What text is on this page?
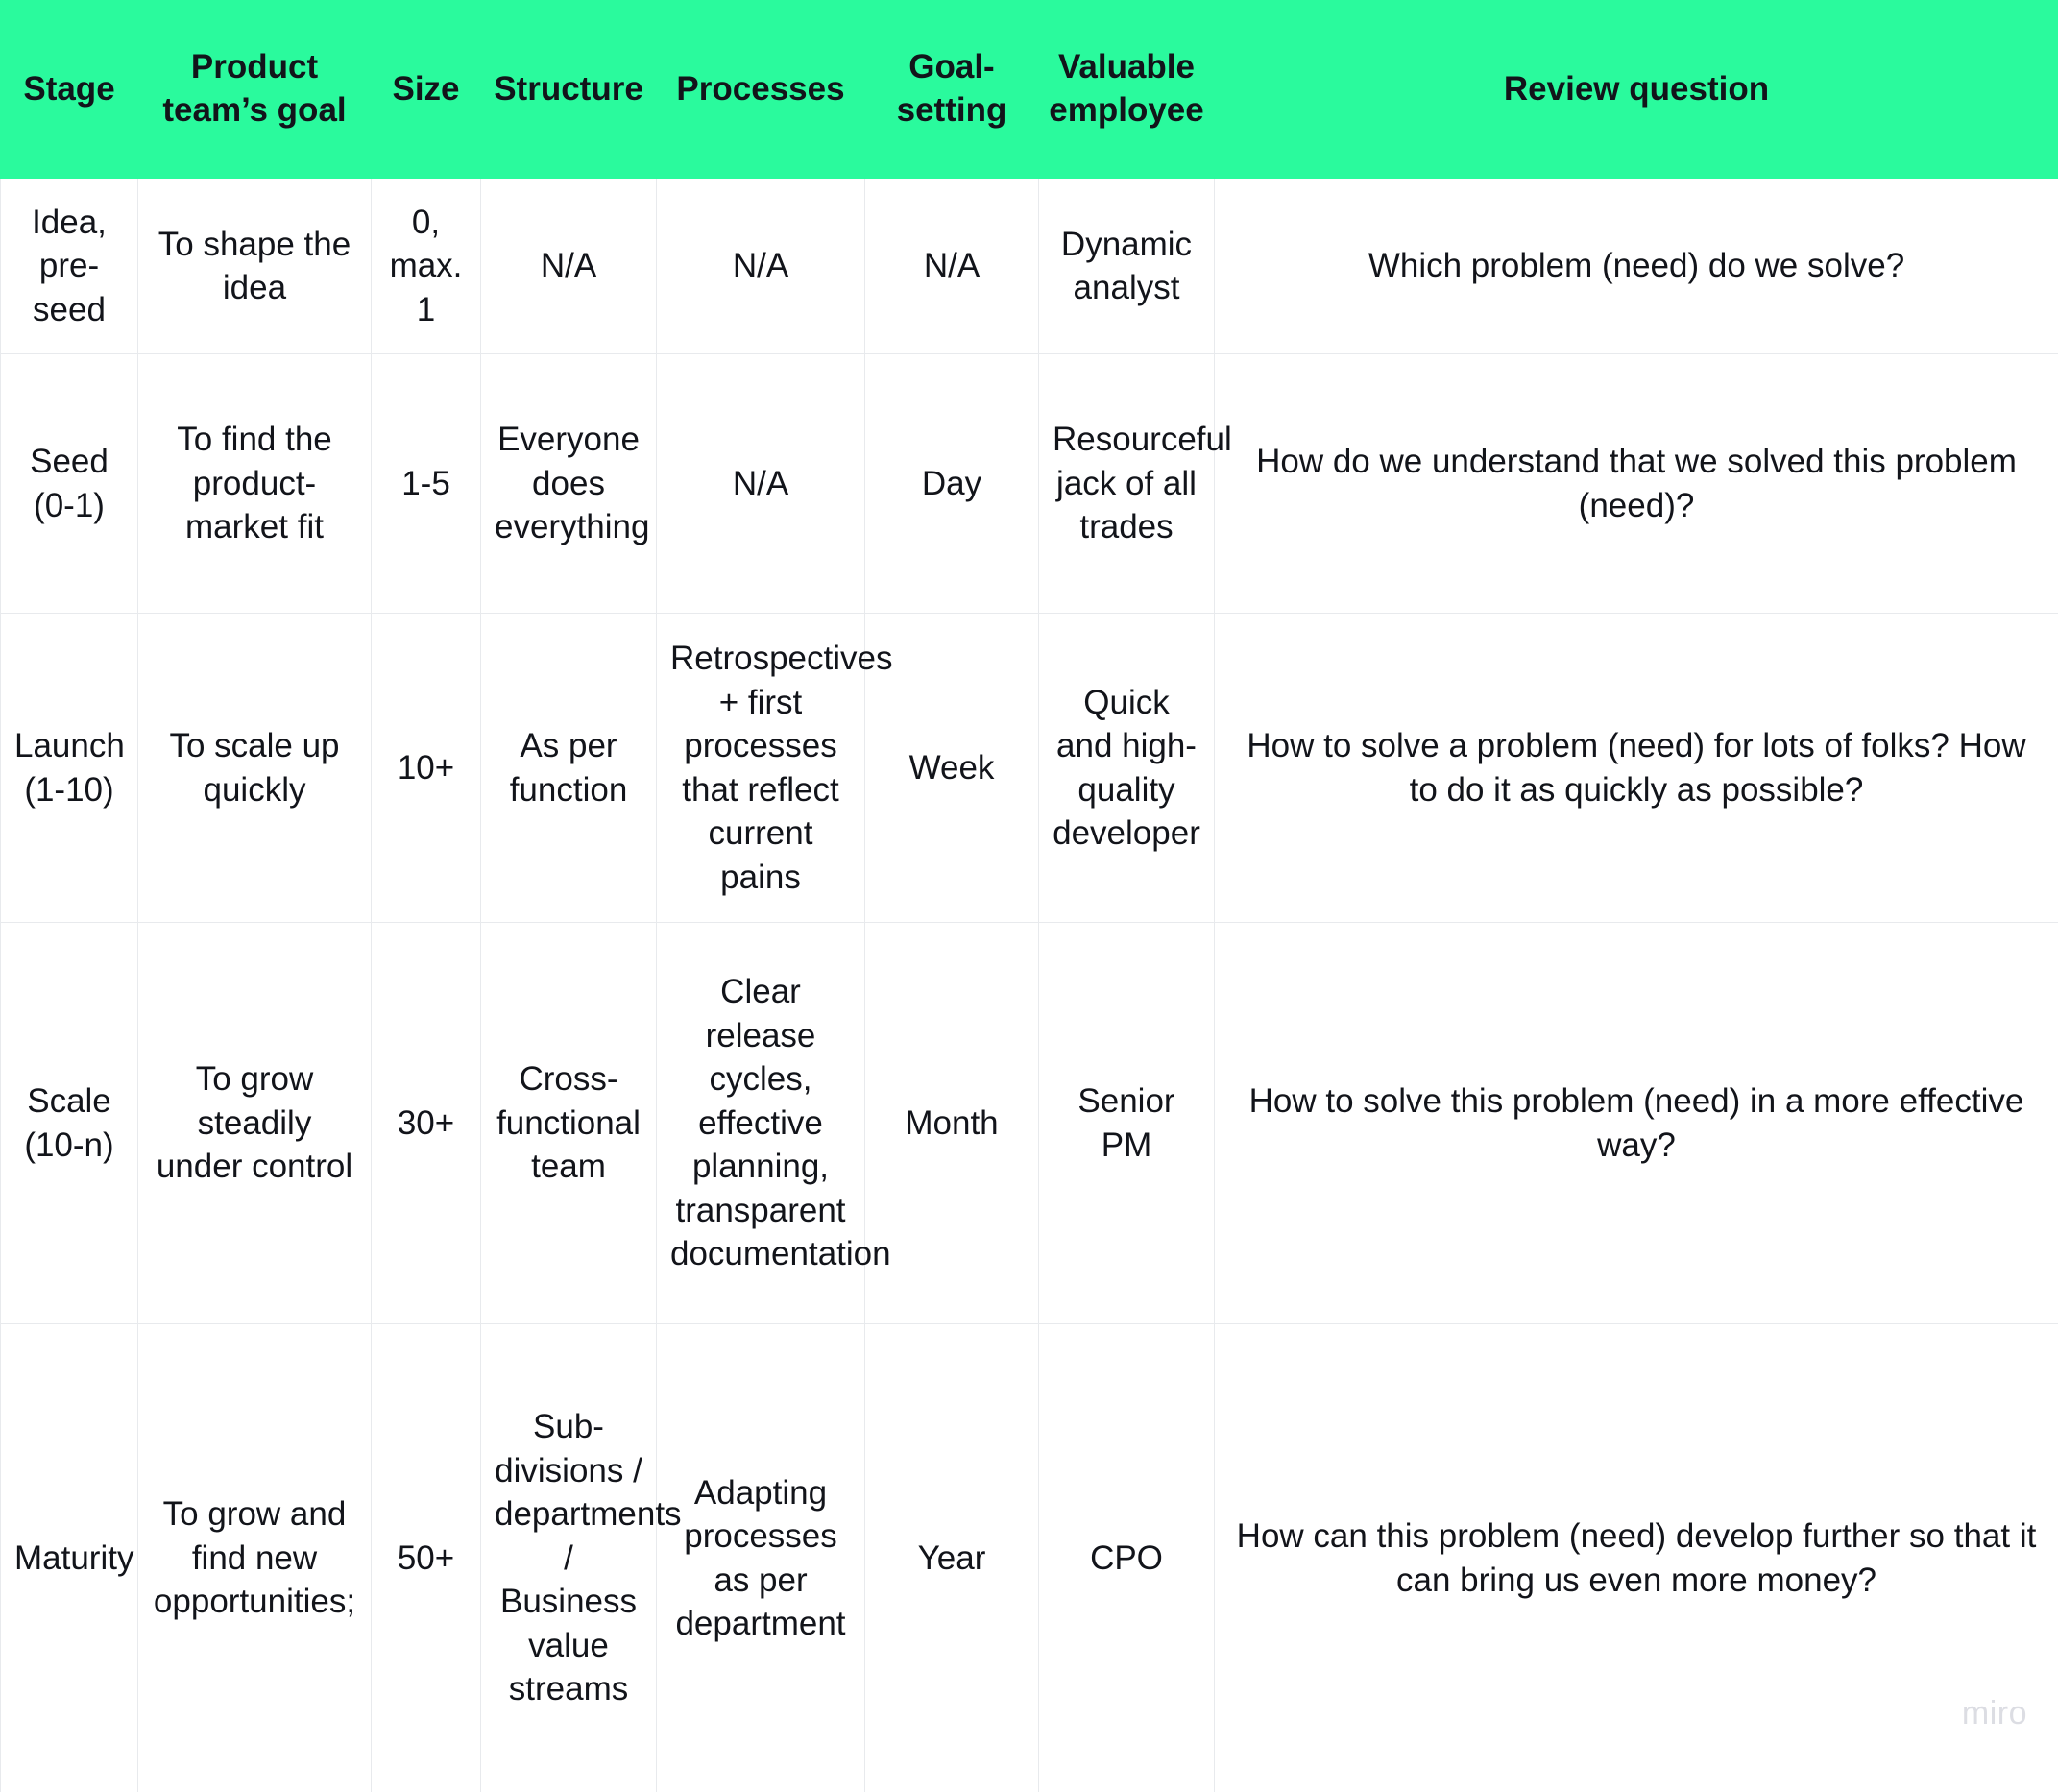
Stage	Product team’s goal	Size	Structure	Processes	Goal-setting	Valuable employee	Review question
Idea, pre-seed	To shape the idea	0, max. 1	N/A	N/A	N/A	Dynamic analyst	Which problem (need) do we solve?
Seed (0-1)	To find the product-market fit	1-5	Everyone does everything	N/A	Day	Resourceful jack of all trades	How do we understand that we solved this problem (need)?
Launch (1-10)	To scale up quickly	10+	As per function	Retrospectives + first processes that reflect current pains	Week	Quick and high-quality developer	How to solve a problem (need) for lots of folks? How to do it as quickly as possible?
Scale (10-n)	To grow steadily under control	30+	Cross-functional team	Clear release cycles, effective planning, transparent documentation	Month	Senior PM	How to solve this problem (need) in a more effective way?
Maturity	To grow and find new opportunities;	50+	Sub-divisions / departments / Business value streams	Adapting processes as per department	Year	CPO	How can this problem (need) develop further so that it can bring us even more money?
miro
